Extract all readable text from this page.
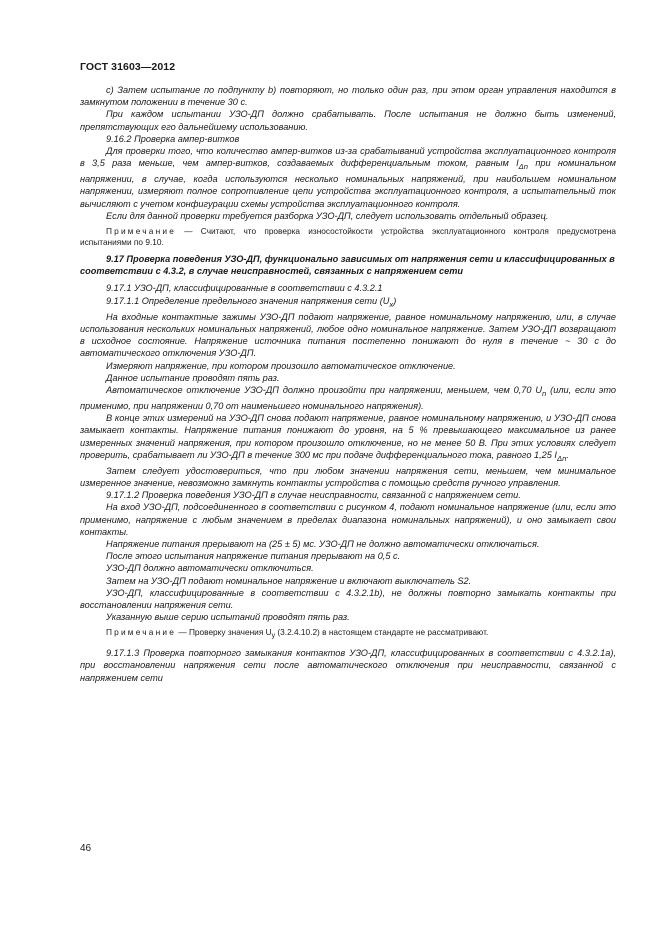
ГОСТ 31603—2012

с) Затем испытание по подпункту b) повторяют, но только один раз, при этом орган управления находится в замкнутом положении в течение 30 с.

При каждом испытании УЗО-ДП должно срабатывать. После испытания не должно быть изменений, препятствующих его дальнейшему использованию.

9.16.2 Проверка ампер-витков

Для проверки того, что количество ампер-витков из-за срабатываний устройства эксплуатационного контроля в 3,5 раза меньше, чем ампер-витков, создаваемых дифференциальным током, равным $I_{\Delta n}$ при номинальном напряжении, в случае, когда используются несколько номинальных напряжений, при наибольшем номинальном напряжении, измеряют полное сопротивление цепи устройства эксплуатационного контроля, а испытательный ток вычисляют с учетом конфигурации схемы устройства эксплуатационного контроля.

Если для данной проверки требуется разборка УЗО-ДП, следует использовать отдельный образец.

Примечание — Считают, что проверка износостойкости устройства эксплуатационного контроля предусмотрена испытаниями по 9.10.

9.17 Проверка поведения УЗО-ДП, функционально зависимых от напряжения сети и классифицированных в соответствии с 4.3.2, в случае неисправностей, связанных с напряжением сети

9.17.1 УЗО-ДП, классифицированные в соответствии с 4.3.2.1

9.17.1.1 Определение предельного значения напряжения сети $(U_x)$

На входные контактные зажимы УЗО-ДП подают напряжение, равное номинальному напряжению, или, в случае использования нескольких номинальных напряжений, любое одно номинальное напряжение. Затем УЗО-ДП возвращают в исходное состояние. Напряжение источника питания постепенно понижают до нуля в течение ~ 30 с до автоматического отключения УЗО-ДП.

Измеряют напряжение, при котором произошло автоматическое отключение.

Данное испытание проводят пять раз.

Автоматическое отключение УЗО-ДП должно произойти при напряжении, меньшем, чем 0,70 $U_n$ (или, если это применимо, при напряжении 0,70 от наименьшего номинального напряжения).

В конце этих измерений на УЗО-ДП снова подают напряжение, равное номинальному напряжению, и УЗО-ДП снова замыкает контакты. Напряжение питания понижают до уровня, на 5 % превышающего максимальное из ранее измеренных значений напряжения, при котором произошло отключение, но не менее 50 В. При этих условиях следует проверить, срабатывает ли УЗО-ДП в течение 300 мс при подаче дифференциального тока, равного 1,25 $I_{\Delta n}$.

Затем следует удостовериться, что при любом значении напряжения сети, меньшем, чем минимальное измеренное значение, невозможно замкнуть контакты устройства с помощью средств ручного управления.

9.17.1.2 Проверка поведения УЗО-ДП в случае неисправности, связанной с напряжением сети.

На вход УЗО-ДП, подсоединенного в соответствии с рисунком 4, подают номинальное напряжение (или, если это применимо, напряжение с любым значением в пределах диапазона номинальных напряжений), и оно замыкает свои контакты.

Напряжение питания прерывают на (25 ± 5) мс. УЗО-ДП не должно автоматически отключаться.

После этого испытания напряжение питания прерывают на 0,5 с.

УЗО-ДП должно автоматически отключиться.

Затем на УЗО-ДП подают номинальное напряжение и включают выключатель S2.

УЗО-ДП, классифицированные в соответствии с 4.3.2.1b), не должны повторно замыкать контакты при восстановлении напряжения сети.

Указанную выше серию испытаний проводят пять раз.

Примечание — Проверку значения $U_y$ (3.2.4.10.2) в настоящем стандарте не рассматривают.

9.17.1.3 Проверка повторного замыкания контактов УЗО-ДП, классифицированных в соответствии с 4.3.2.1а), при восстановлении напряжения сети после автоматического отключения при неисправности, связанной с напряжением сети

46
